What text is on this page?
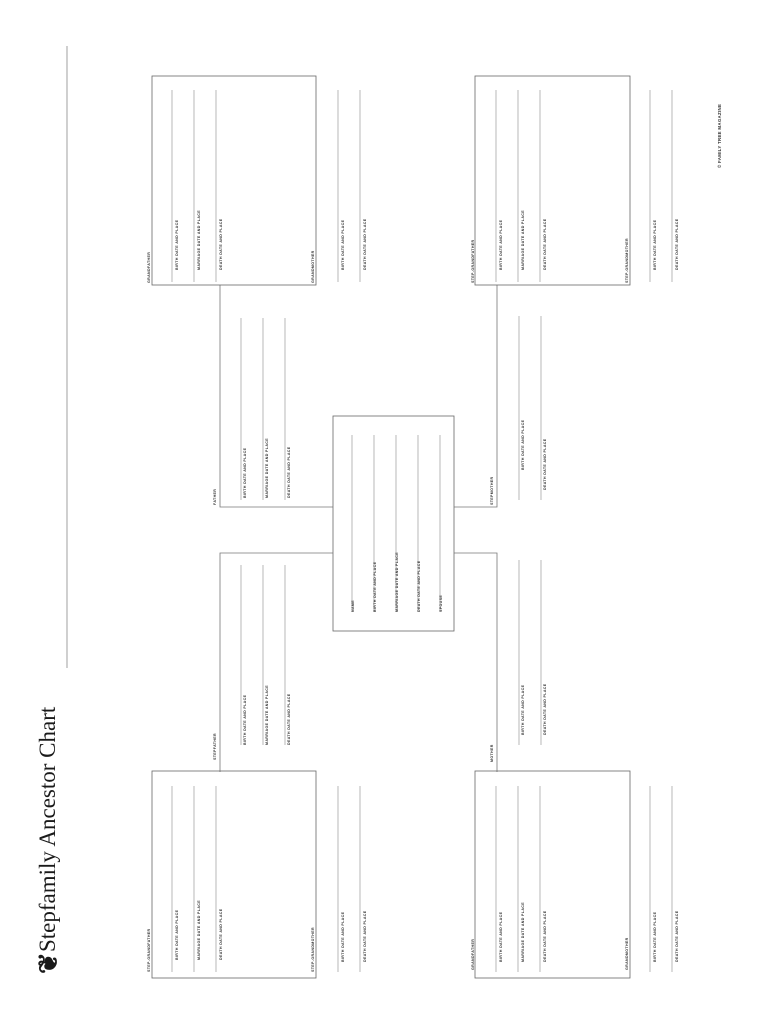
❦
Stepfamily Ancestor Chart
© FAMILY TREE MAGAZINE
NAME	BIRTH DATE AND PLACE	MARRIAGE DATE AND PLACE	DEATH DATE AND PLACE	SPOUSE
FATHER	BIRTH DATE AND PLACE	MARRIAGE DATE AND PLACE	DEATH DATE AND PLACE
STEPFATHER
BIRTH DATE AND PLACE	MARRIAGE DATE AND PLACE	DEATH DATE AND PLACE
STEPMOTHER
BIRTH DATE AND PLACE	DEATH DATE AND PLACE
MOTHER
BIRTH DATE AND PLACE	DEATH DATE AND PLACE
GRANDFATHER	BIRTH DATE AND PLACE	MARRIAGE DATE AND PLACE	DEATH DATE AND PLACE	GRANDMOTHER	BIRTH DATE AND PLACE	DEATH DATE AND PLACE
STEP-GRANDFATHER	BIRTH DATE AND PLACE	MARRIAGE DATE AND PLACE	DEATH DATE AND PLACE	STEP-GRANDMOTHER	BIRTH DATE AND PLACE	DEATH DATE AND PLACE
STEP-GRANDFATHER	BIRTH DATE AND PLACE	MARRIAGE DATE AND PLACE	DEATH DATE AND PLACE	STEP-GRANDMOTHER	BIRTH DATE AND PLACE	DEATH DATE AND PLACE
GRANDFATHER	BIRTH DATE AND PLACE	MARRIAGE DATE AND PLACE	DEATH DATE AND PLACE	GRANDMOTHER	BIRTH DATE AND PLACE	DEATH DATE AND PLACE
